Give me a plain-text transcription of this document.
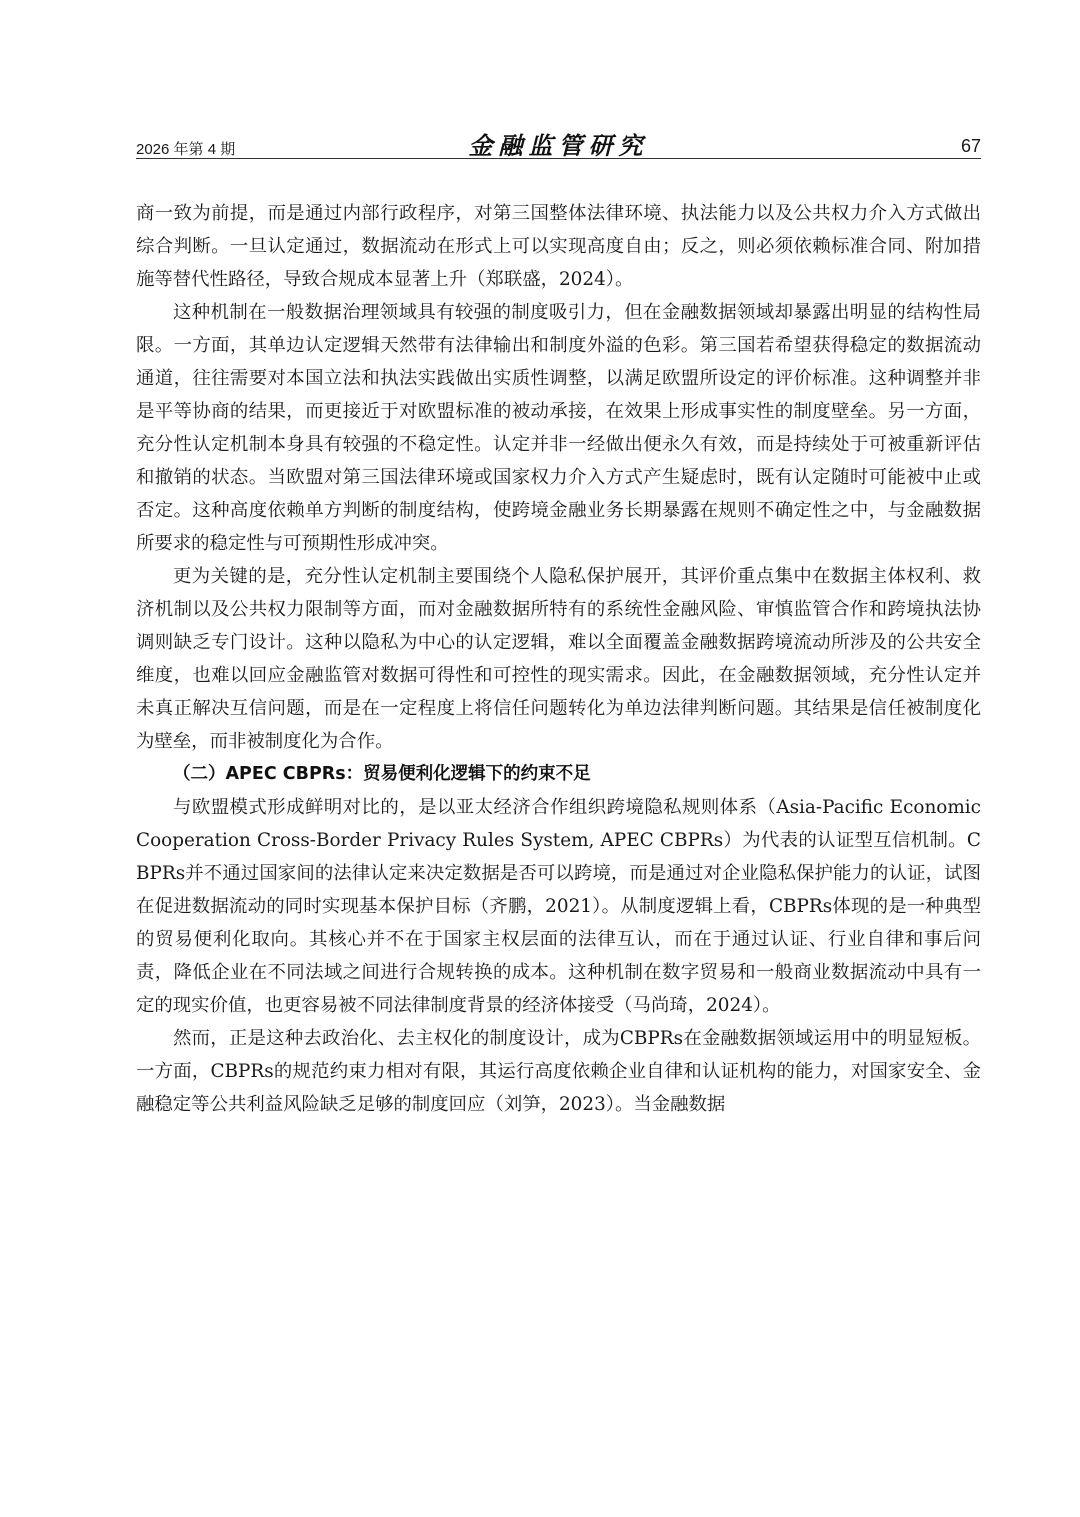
2026 年第 4 期	金融监管研究	67

商一致为前提，而是通过内部行政程序，对第三国整体法律环境、执法能力以及公共权力介入方式做出综合判断。一旦认定通过，数据流动在形式上可以实现高度自由；反之，则必须依赖标准合同、附加措施等替代性路径，导致合规成本显著上升（郑联盛，2024）。

这种机制在一般数据治理领域具有较强的制度吸引力，但在金融数据领域却暴露出明显的结构性局限。一方面，其单边认定逻辑天然带有法律输出和制度外溢的色彩。第三国若希望获得稳定的数据流动通道，往往需要对本国立法和执法实践做出实质性调整，以满足欧盟所设定的评价标准。这种调整并非是平等协商的结果，而更接近于对欧盟标准的被动承接，在效果上形成事实性的制度壁垒。另一方面，充分性认定机制本身具有较强的不稳定性。认定并非一经做出便永久有效，而是持续处于可被重新评估和撤销的状态。当欧盟对第三国法律环境或国家权力介入方式产生疑虑时，既有认定随时可能被中止或否定。这种高度依赖单方判断的制度结构，使跨境金融业务长期暴露在规则不确定性之中，与金融数据所要求的稳定性与可预期性形成冲突。

更为关键的是，充分性认定机制主要围绕个人隐私保护展开，其评价重点集中在数据主体权利、救济机制以及公共权力限制等方面，而对金融数据所特有的系统性金融风险、审慎监管合作和跨境执法协调则缺乏专门设计。这种以隐私为中心的认定逻辑，难以全面覆盖金融数据跨境流动所涉及的公共安全维度，也难以回应金融监管对数据可得性和可控性的现实需求。因此，在金融数据领域，充分性认定并未真正解决互信问题，而是在一定程度上将信任问题转化为单边法律判断问题。其结果是信任被制度化为壁垒，而非被制度化为合作。

（二）APEC CBPRs：贸易便利化逻辑下的约束不足

与欧盟模式形成鲜明对比的，是以亚太经济合作组织跨境隐私规则体系（Asia-Pacific Economic Cooperation Cross-Border Privacy Rules System, APEC CBPRs）为代表的认证型互信机制。CBPRs并不通过国家间的法律认定来决定数据是否可以跨境，而是通过对企业隐私保护能力的认证，试图在促进数据流动的同时实现基本保护目标（齐鹏，2021）。从制度逻辑上看，CBPRs体现的是一种典型的贸易便利化取向。其核心并不在于国家主权层面的法律互认，而在于通过认证、行业自律和事后问责，降低企业在不同法域之间进行合规转换的成本。这种机制在数字贸易和一般商业数据流动中具有一定的现实价值，也更容易被不同法律制度背景的经济体接受（马尚琦，2024）。

然而，正是这种去政治化、去主权化的制度设计，成为CBPRs在金融数据领域运用中的明显短板。一方面，CBPRs的规范约束力相对有限，其运行高度依赖企业自律和认证机构的能力，对国家安全、金融稳定等公共利益风险缺乏足够的制度回应（刘笋，2023）。当金融数据
